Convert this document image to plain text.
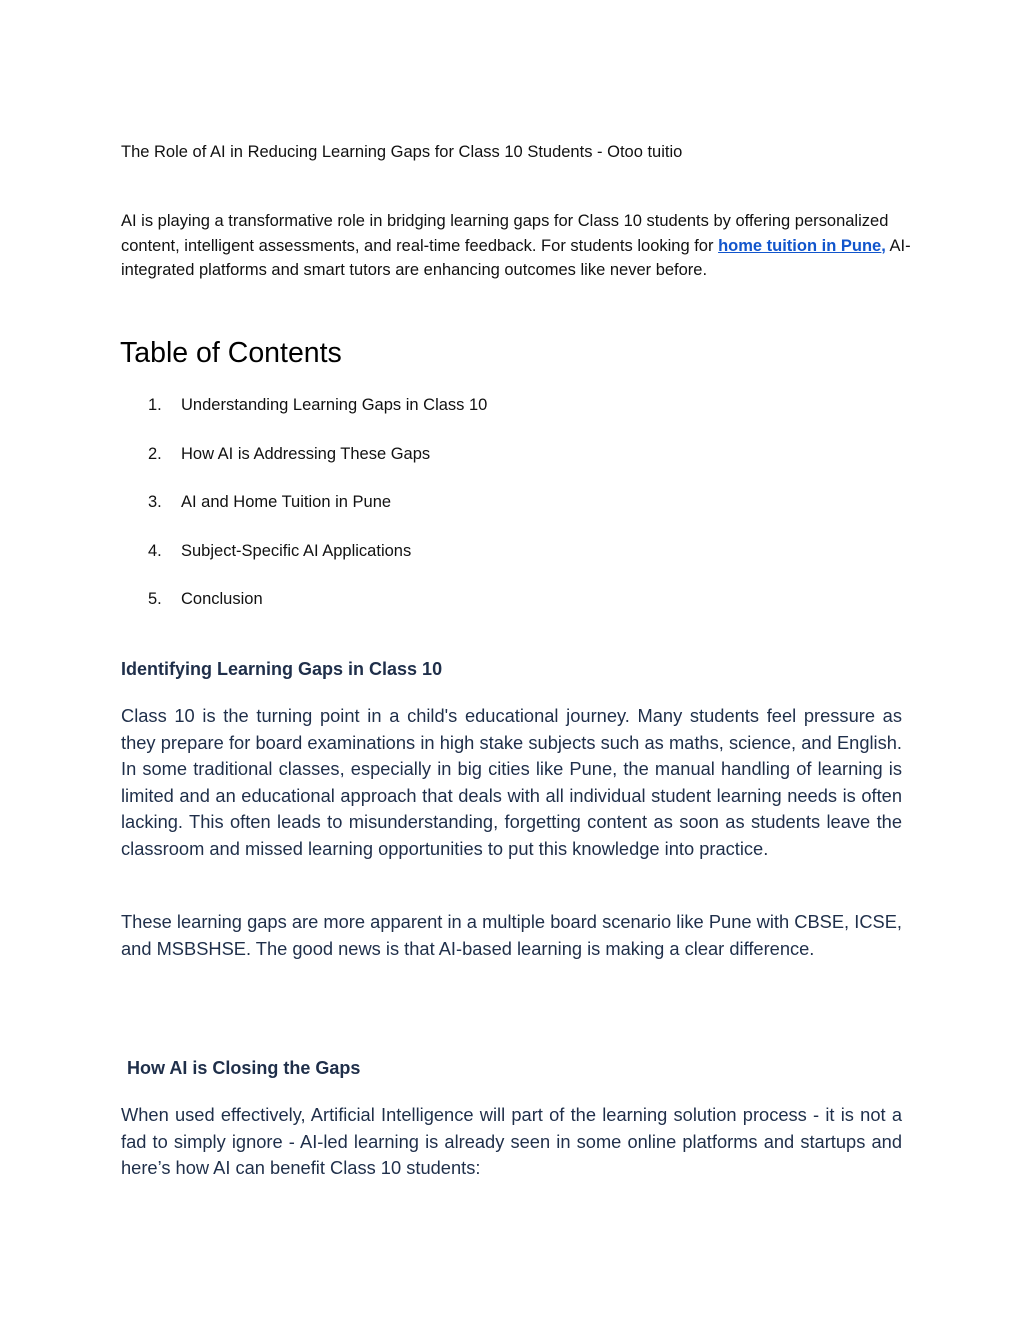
The Role of AI in Reducing Learning Gaps for Class 10 Students - Otoo tuitio
AI is playing a transformative role in bridging learning gaps for Class 10 students by offering personalized content, intelligent assessments, and real-time feedback. For students looking for home tuition in Pune, AI-integrated platforms and smart tutors are enhancing outcomes like never before.
Table of Contents
1.	Understanding Learning Gaps in Class 10
2.	How AI is Addressing These Gaps
3.	AI and Home Tuition in Pune
4.	Subject-Specific AI Applications
5.	Conclusion
Identifying Learning Gaps in Class 10

Class 10 is the turning point in a child's educational journey. Many students feel pressure as they prepare for board examinations in high stake subjects such as maths, science, and English. In some traditional classes, especially in big cities like Pune, the manual handling of learning is limited and an educational approach that deals with all individual student learning needs is often lacking. This often leads to misunderstanding, forgetting content as soon as students leave the classroom and missed learning opportunities to put this knowledge into practice.

These learning gaps are more apparent in a multiple board scenario like Pune with CBSE, ICSE, and MSBSHSE. The good news is that AI-based learning is making a clear difference.

How AI is Closing the Gaps

When used effectively, Artificial Intelligence will part of the learning solution process - it is not a fad to simply ignore - AI-led learning is already seen in some online platforms and startups and here’s how AI can benefit Class 10 students:
